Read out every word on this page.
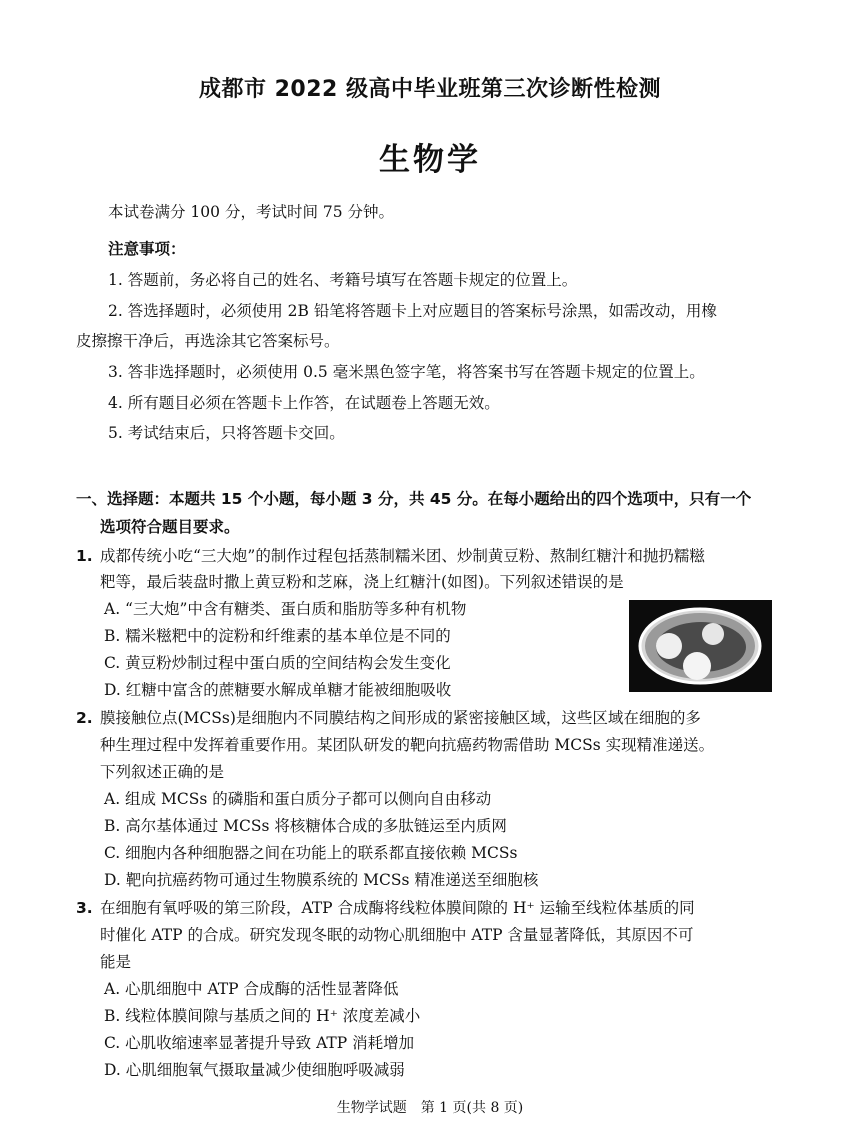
成都市 2022 级高中毕业班第三次诊断性检测
生物学
本试卷满分 100 分，考试时间 75 分钟。
注意事项：
1. 答题前，务必将自己的姓名、考籍号填写在答题卡规定的位置上。
2. 答选择题时，必须使用 2B 铅笔将答题卡上对应题目的答案标号涂黑，如需改动，用橡
皮擦擦干净后，再选涂其它答案标号。
3. 答非选择题时，必须使用 0.5 毫米黑色签字笔，将答案书写在答题卡规定的位置上。
4. 所有题目必须在答题卡上作答，在试题卷上答题无效。
5. 考试结束后，只将答题卡交回。
一、选择题：本题共 15 个小题，每小题 3 分，共 45 分。在每小题给出的四个选项中，只有一个
选项符合题目要求。
1. 成都传统小吃“三大炮”的制作过程包括蒸制糯米团、炒制黄豆粉、熬制红糖汁和抛扔糯糍
粑等，最后装盘时撒上黄豆粉和芝麻，浇上红糖汁(如图)。下列叙述错误的是
A. “三大炮”中含有糖类、蛋白质和脂肪等多种有机物
B. 糯米糍粑中的淀粉和纤维素的基本单位是不同的
C. 黄豆粉炒制过程中蛋白质的空间结构会发生变化
D. 红糖中富含的蔗糖要水解成单糖才能被细胞吸收
2. 膜接触位点(MCSs)是细胞内不同膜结构之间形成的紧密接触区域，这些区域在细胞的多
种生理过程中发挥着重要作用。某团队研发的靶向抗癌药物需借助 MCSs 实现精准递送。
下列叙述正确的是
A. 组成 MCSs 的磷脂和蛋白质分子都可以侧向自由移动
B. 高尔基体通过 MCSs 将核糖体合成的多肽链运至内质网
C. 细胞内各种细胞器之间在功能上的联系都直接依赖 MCSs
D. 靶向抗癌药物可通过生物膜系统的 MCSs 精准递送至细胞核
3. 在细胞有氧呼吸的第三阶段，ATP 合成酶将线粒体膜间隙的 H⁺ 运输至线粒体基质的同
时催化 ATP 的合成。研究发现冬眠的动物心肌细胞中 ATP 含量显著降低，其原因不可
能是
A. 心肌细胞中 ATP 合成酶的活性显著降低
B. 线粒体膜间隙与基质之间的 H⁺ 浓度差减小
C. 心肌收缩速率显著提升导致 ATP 消耗增加
D. 心肌细胞氧气摄取量减少使细胞呼吸减弱
生物学试题　第 1 页(共 8 页)
